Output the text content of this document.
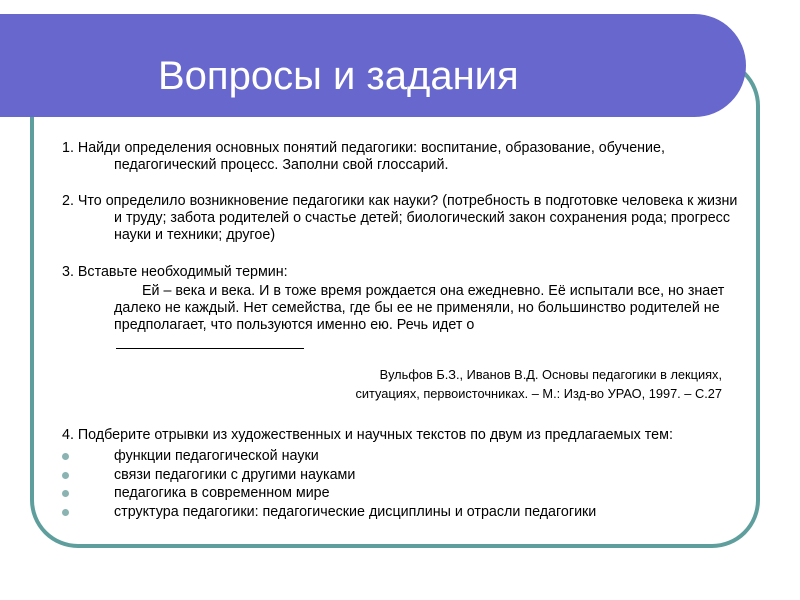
Вопросы и задания

1. Найди определения основных понятий педагогики: воспитание, образование, обучение, педагогический процесс. Заполни свой глоссарий.

2. Что определило возникновение педагогики как науки? (потребность в подготовке человека к жизни и труду; забота родителей о счастье детей; биологический закон сохранения рода; прогресс науки и техники; другое)

3. Вставьте необходимый термин:

Ей – века и века. И в тоже время рождается она ежедневно. Её испытали все, но знает далеко не каждый. Нет семейства, где бы ее не применяли, но большинство родителей не предполагает, что пользуются именно ею. Речь идет о

Вульфов Б.З., Иванов В.Д. Основы педагогики в лекциях,
ситуациях, первоисточниках. – М.: Изд-во УРАО, 1997. – С.27

4. Подберите отрывки из художественных и научных текстов по двум из предлагаемых тем:

функции педагогической науки
связи педагогики с другими науками
педагогика в современном мире
структура педагогики: педагогические дисциплины и отрасли педагогики
